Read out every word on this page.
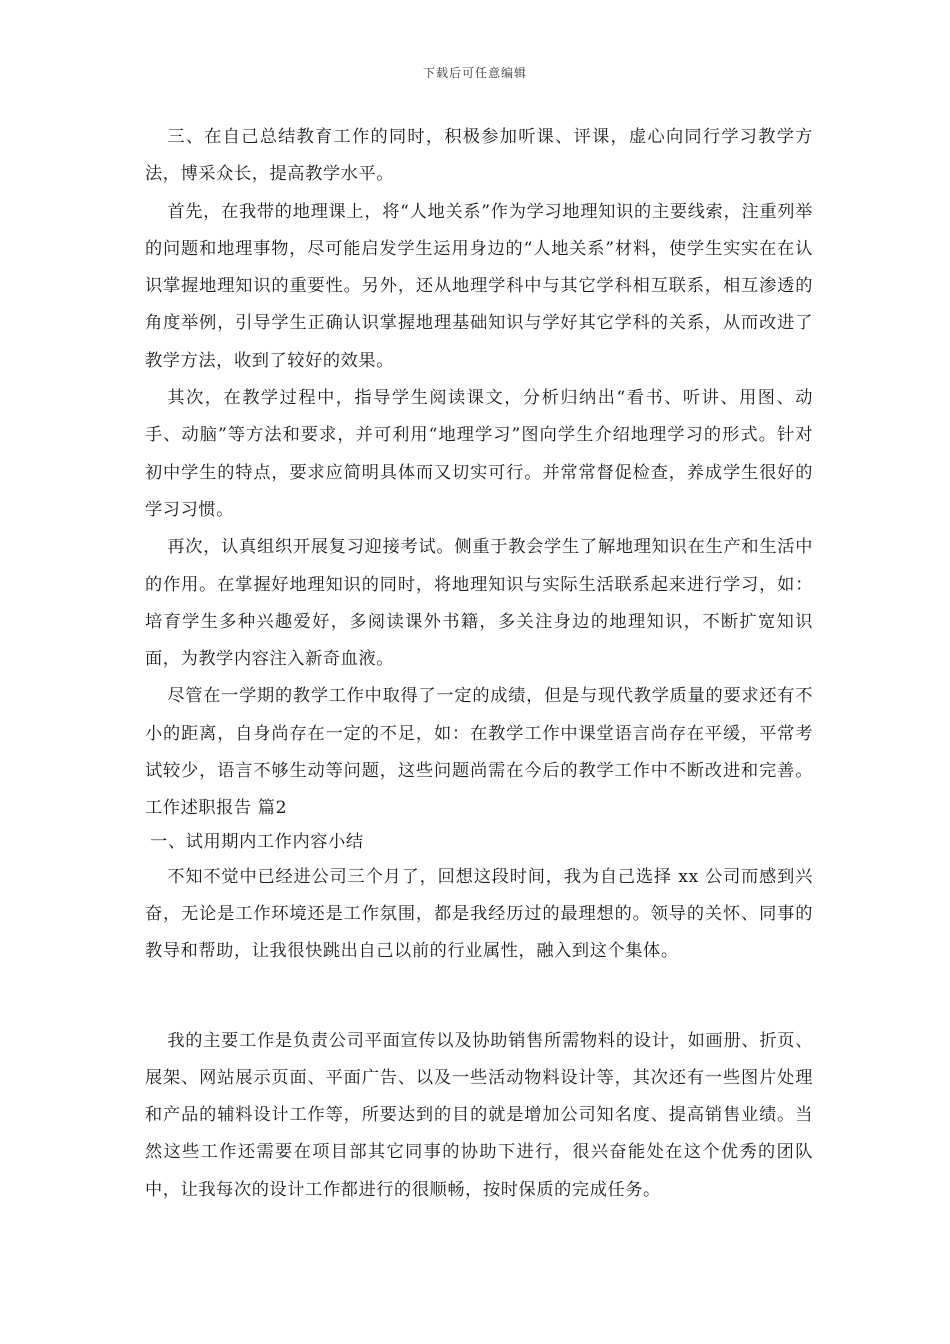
下载后可任意编辑

三、在自己总结教育工作的同时，积极参加听课、评课，虚心向同行学习教学方法，博采众长，提高教学水平。

首先，在我带的地理课上，将“人地关系”作为学习地理知识的主要线索，注重列举的问题和地理事物，尽可能启发学生运用身边的“人地关系”材料，使学生实实在在认识掌握地理知识的重要性。另外，还从地理学科中与其它学科相互联系，相互渗透的角度举例，引导学生正确认识掌握地理基础知识与学好其它学科的关系，从而改进了教学方法，收到了较好的效果。

其次，在教学过程中，指导学生阅读课文，分析归纳出“看书、听讲、用图、动手、动脑”等方法和要求，并可利用“地理学习”图向学生介绍地理学习的形式。针对初中学生的特点，要求应简明具体而又切实可行。并常常督促检查，养成学生很好的学习习惯。

再次，认真组织开展复习迎接考试。侧重于教会学生了解地理知识在生产和生活中的作用。在掌握好地理知识的同时，将地理知识与实际生活联系起来进行学习，如：培育学生多种兴趣爱好，多阅读课外书籍，多关注身边的地理知识，不断扩宽知识面，为教学内容注入新奇血液。

尽管在一学期的教学工作中取得了一定的成绩，但是与现代教学质量的要求还有不小的距离，自身尚存在一定的不足，如：在教学工作中课堂语言尚存在平缓，平常考试较少，语言不够生动等问题，这些问题尚需在今后的教学工作中不断改进和完善。工作述职报告 篇2

一、试用期内工作内容小结

不知不觉中已经进公司三个月了，回想这段时间，我为自己选择 xx 公司而感到兴奋，无论是工作环境还是工作氛围，都是我经历过的最理想的。领导的关怀、同事的教导和帮助，让我很快跳出自己以前的行业属性，融入到这个集体。

我的主要工作是负责公司平面宣传以及协助销售所需物料的设计，如画册、折页、展架、网站展示页面、平面广告、以及一些活动物料设计等，其次还有一些图片处理和产品的辅料设计工作等，所要达到的目的就是增加公司知名度、提高销售业绩。当然这些工作还需要在项目部其它同事的协助下进行，很兴奋能处在这个优秀的团队中，让我每次的设计工作都进行的很顺畅，按时保质的完成任务。
